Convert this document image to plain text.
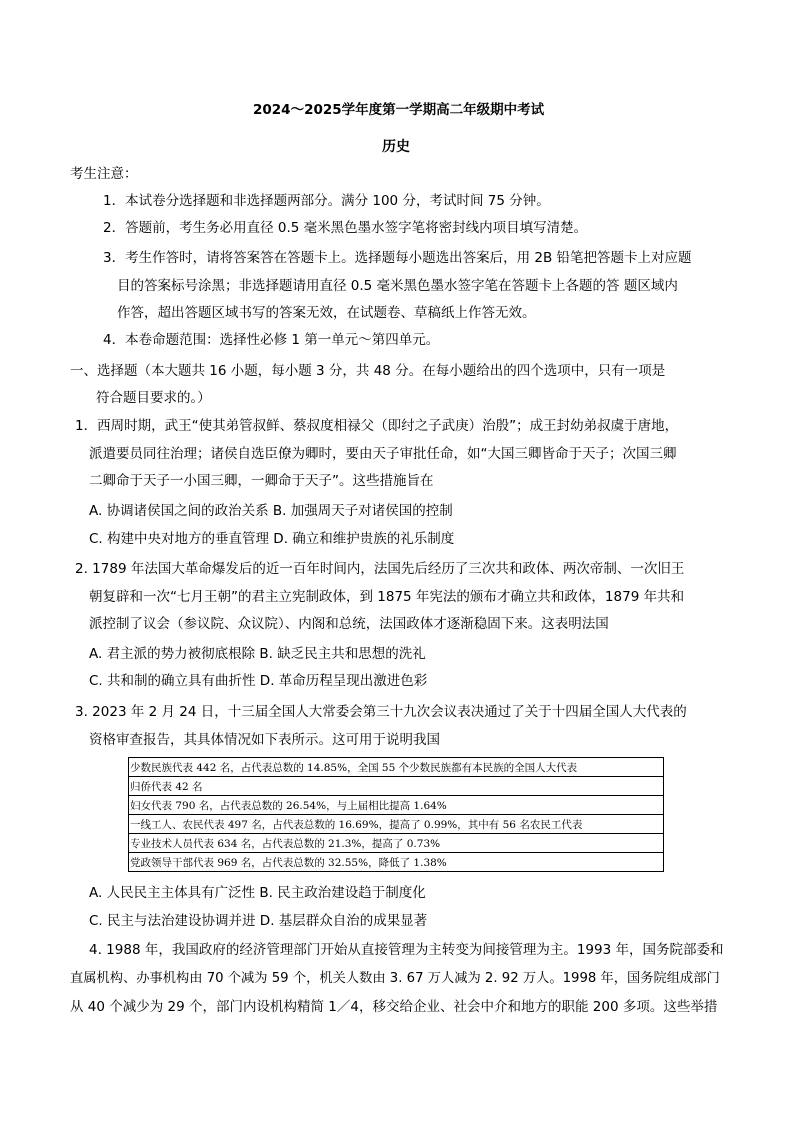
2024～2025学年度第一学期高二年级期中考试
历史
考生注意：
1．本试卷分选择题和非选择题两部分。满分 100 分，考试时间 75 分钟。
2．答题前，考生务必用直径 0.5 毫米黑色墨水签字笔将密封线内项目填写清楚。
3．考生作答时，请将答案答在答题卡上。选择题每小题选出答案后，用 2B 铅笔把答题卡上对应题
目的答案标号涂黑；非选择题请用直径 0.5 毫米黑色墨水签字笔在答题卡上各题的答 题区域内
作答，超出答题区域书写的答案无效，在试题卷、草稿纸上作答无效。
4．本卷命题范围：选择性必修 1 第一单元～第四单元。
一、选择题（本大题共 16 小题，每小题 3 分，共 48 分。在每小题给出的四个选项中，只有一项是
符合题目要求的。）
1．西周时期，武王“使其弟管叔鲜、蔡叔度相禄父（即纣之子武庚）治殷”；成王封幼弟叔虞于唐地，
派遣要员同往治理；诸侯自选臣僚为卿时，要由天子审批任命，如“大国三卿皆命于天子；次国三卿
二卿命于天子一小国三卿，一卿命于天子”。这些措施旨在
A. 协调诸侯国之间的政治关系 B. 加强周天子对诸侯国的控制
C. 构建中央对地方的垂直管理 D. 确立和维护贵族的礼乐制度
2. 1789 年法国大革命爆发后的近一百年时间内，法国先后经历了三次共和政体、两次帝制、一次旧王
朝复辟和一次“七月王朝”的君主立宪制政体，到 1875 年宪法的颁布才确立共和政体，1879 年共和
派控制了议会（参议院、众议院）、内阁和总统，法国政体才逐渐稳固下来。这表明法国
A. 君主派的势力被彻底根除 B. 缺乏民主共和思想的洗礼
C. 共和制的确立具有曲折性 D. 革命历程呈现出激进色彩
3. 2023 年 2 月 24 日，十三届全国人大常委会第三十九次会议表决通过了关于十四届全国人大代表的
资格审查报告，其具体情况如下表所示。这可用于说明我国
少数民族代表 442 名，占代表总数的 14.85%，全国 55 个少数民族都有本民族的全国人大代表
归侨代表 42 名
妇女代表 790 名，占代表总数的 26.54%，与上届相比提高 1.64%
一线工人、农民代表 497 名，占代表总数的 16.69%，提高了 0.99%，其中有 56 名农民工代表
专业技术人员代表 634 名，占代表总数的 21.3%，提高了 0.73%
党政领导干部代表 969 名，占代表总数的 32.55%，降低了 1.38%
A. 人民民主主体具有广泛性 B. 民主政治建设趋于制度化
C. 民主与法治建设协调并进 D. 基层群众自治的成果显著
4. 1988 年，我国政府的经济管理部门开始从直接管理为主转变为间接管理为主。1993 年，国务院部委和
直属机构、办事机构由 70 个减为 59 个，机关人数由 3. 67 万人减为 2. 92 万人。1998 年，国务院组成部门
从 40 个减少为 29 个，部门内设机构精简 1／4，移交给企业、社会中介和地方的职能 200 多项。这些举措
